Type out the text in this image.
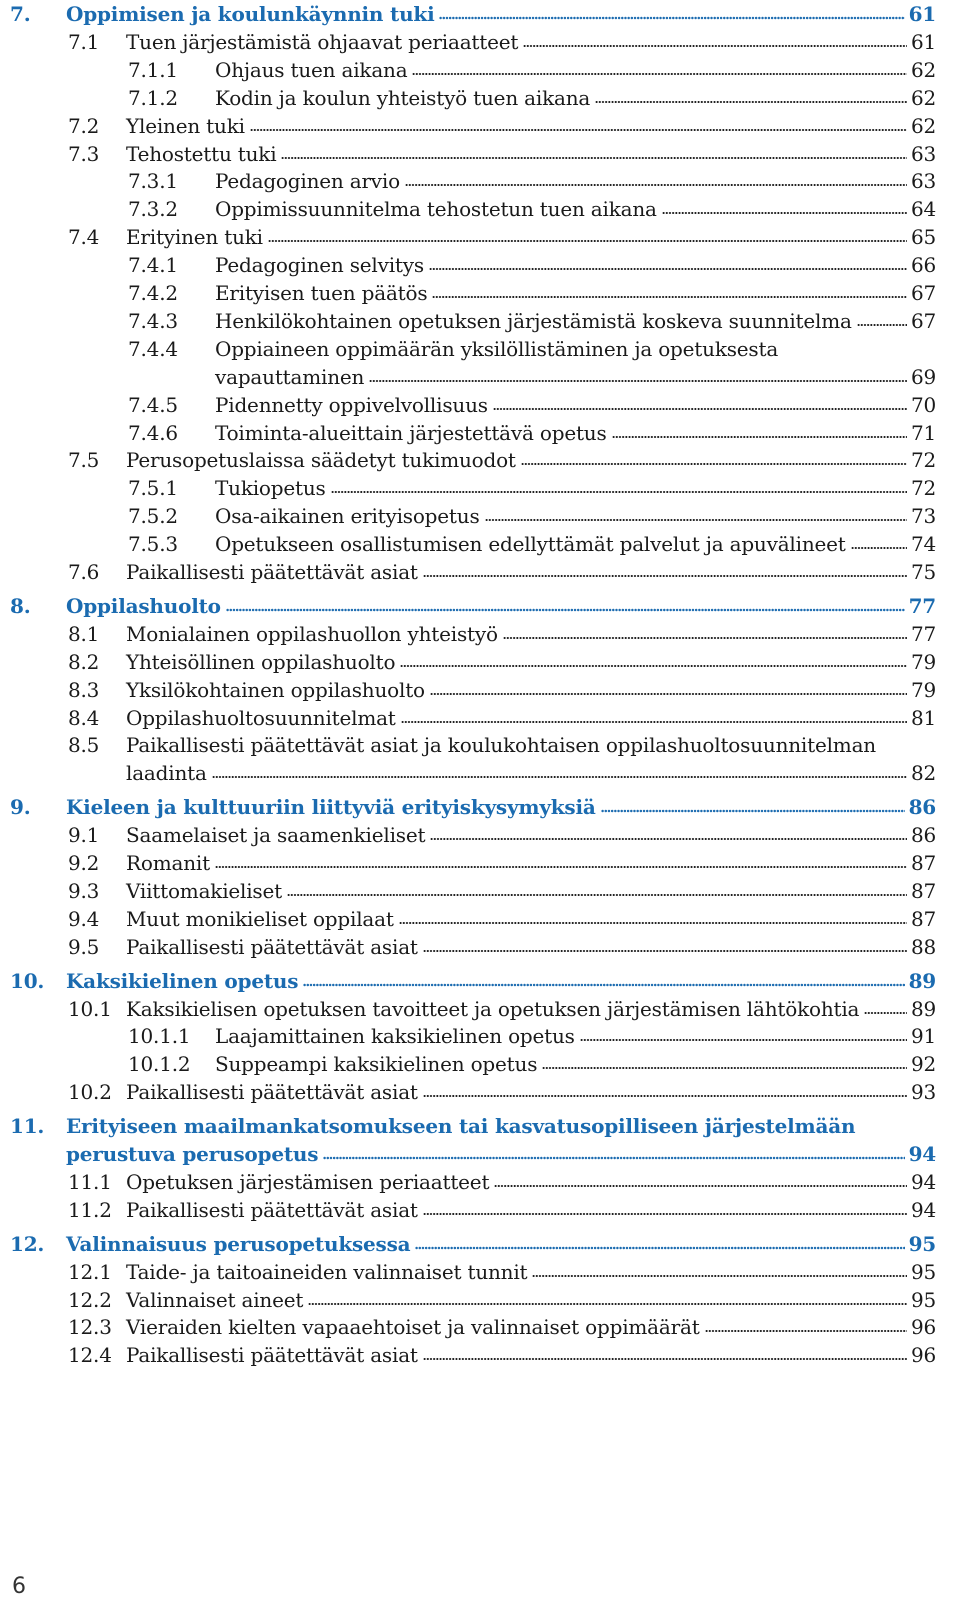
7. Oppimisen ja koulunkäynnin tuki	61
7.1 Tuen järjestämistä ohjaavat periaatteet	61
7.1.1 Ohjaus tuen aikana	62
7.1.2 Kodin ja koulun yhteistyö tuen aikana	62
7.2 Yleinen tuki	62
7.3 Tehostettu tuki	63
7.3.1 Pedagoginen arvio	63
7.3.2 Oppimissuunnitelma tehostetun tuen aikana	64
7.4 Erityinen tuki	65
7.4.1 Pedagoginen selvitys	66
7.4.2 Erityisen tuen päätös	67
7.4.3 Henkilökohtainen opetuksen järjestämistä koskeva suunnitelma	67
7.4.4 Oppiaineen oppimäärän yksilöllistäminen ja opetuksesta
vapauttaminen	69
7.4.5 Pidennetty oppivelvollisuus	70
7.4.6 Toiminta-alueittain järjestettävä opetus	71
7.5 Perusopetuslaissa säädetyt tukimuodot	72
7.5.1 Tukiopetus	72
7.5.2 Osa-aikainen erityisopetus	73
7.5.3 Opetukseen osallistumisen edellyttämät palvelut ja apuvälineet	74
7.6 Paikallisesti päätettävät asiat	75
8. Oppilashuolto	77
8.1 Monialainen oppilashuollon yhteistyö	77
8.2 Yhteisöllinen oppilashuolto	79
8.3 Yksilökohtainen oppilashuolto	79
8.4 Oppilashuoltosuunnitelmat	81
8.5 Paikallisesti päätettävät asiat ja koulukohtaisen oppilashuoltosuunnitelman
laadinta	82
9. Kieleen ja kulttuuriin liittyviä erityiskysymyksiä	86
9.1 Saamelaiset ja saamenkieliset	86
9.2 Romanit	87
9.3 Viittomakieliset	87
9.4 Muut monikieliset oppilaat	87
9.5 Paikallisesti päätettävät asiat	88
10. Kaksikielinen opetus	89
10.1 Kaksikielisen opetuksen tavoitteet ja opetuksen järjestämisen lähtökohtia	89
10.1.1 Laajamittainen kaksikielinen opetus	91
10.1.2 Suppeampi kaksikielinen opetus	92
10.2 Paikallisesti päätettävät asiat	93
11. Erityiseen maailmankatsomukseen tai kasvatusopilliseen järjestelmään
perustuva perusopetus	94
11.1 Opetuksen järjestämisen periaatteet	94
11.2 Paikallisesti päätettävät asiat	94
12. Valinnaisuus perusopetuksessa	95
12.1 Taide- ja taitoaineiden valinnaiset tunnit	95
12.2 Valinnaiset aineet	95
12.3 Vieraiden kielten vapaaehtoiset ja valinnaiset oppimäärät	96
12.4 Paikallisesti päätettävät asiat	96
6
